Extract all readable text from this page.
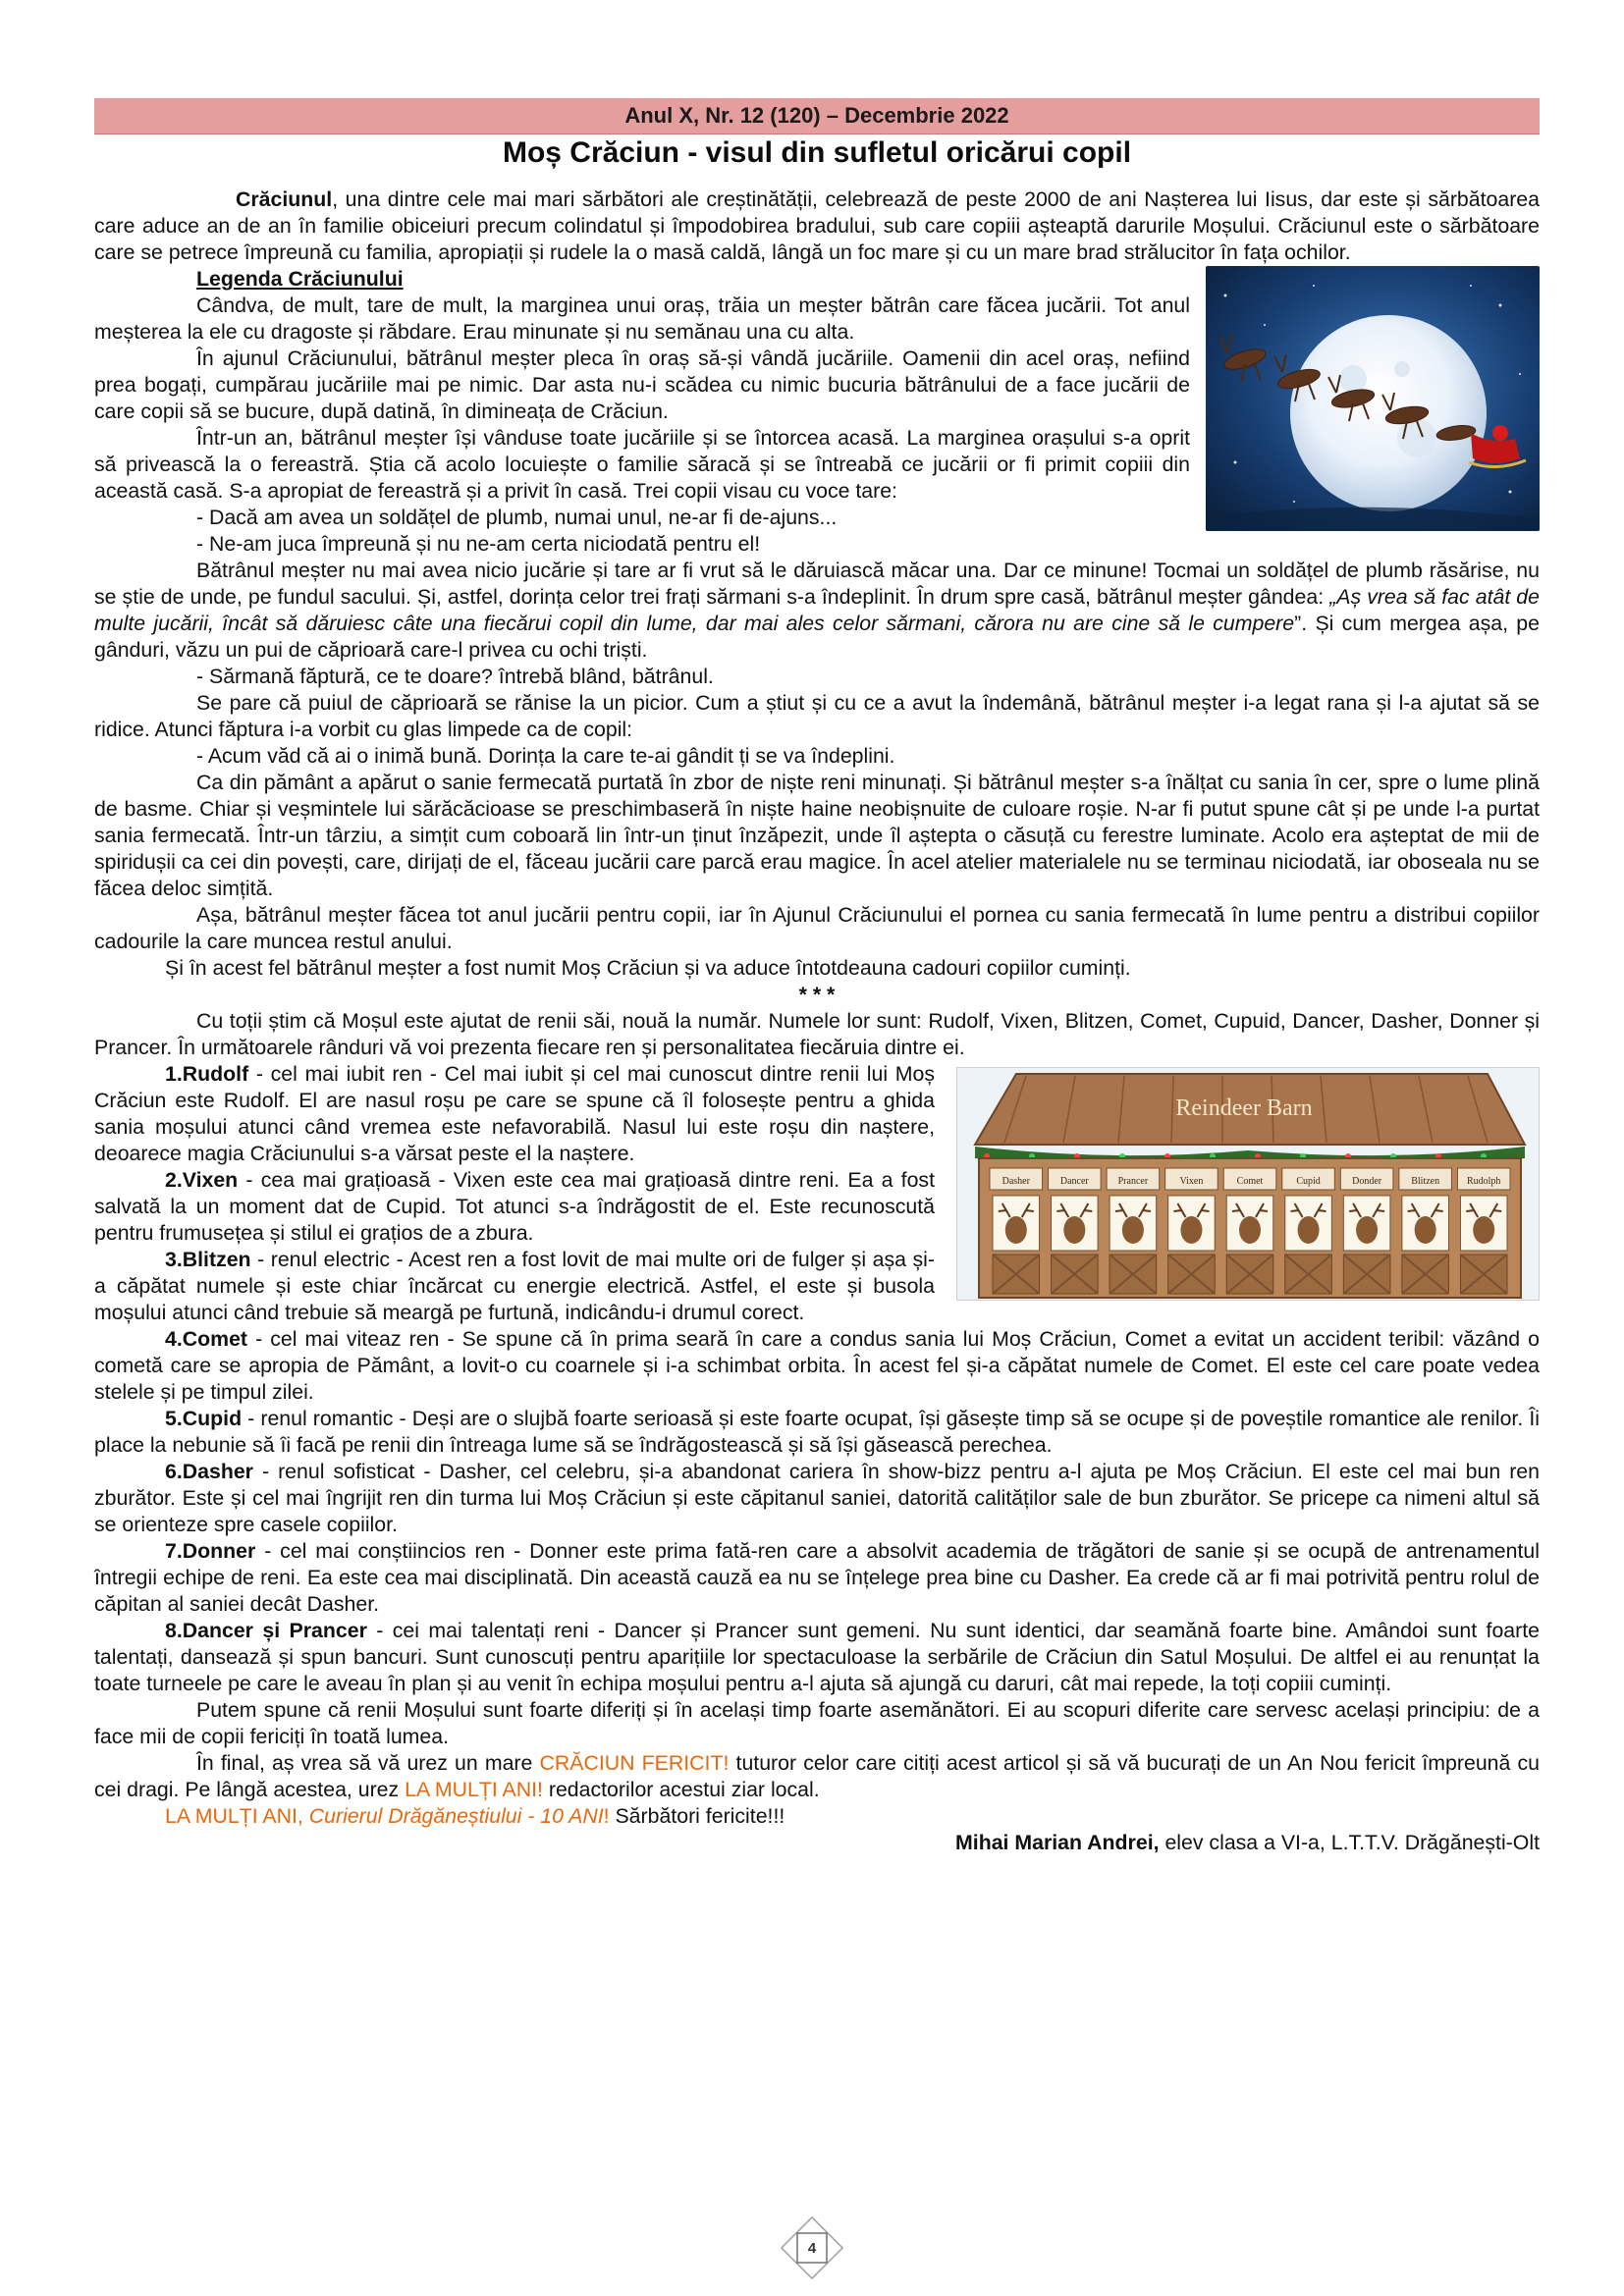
Anul X, Nr. 12 (120) – Decembrie 2022
Moș Crăciun - visul din sufletul oricărui copil

Crăciunul, una dintre cele mai mari sărbători ale creștinătății, celebrează de peste 2000 de ani Nașterea lui Iisus, dar este și sărbătoarea care aduce an de an în familie obiceiuri precum colindatul și împodobirea bradului, sub care copiii așteaptă darurile Moșului. Crăciunul este o sărbătoare care se petrece împreună cu familia, apropiații și rudele la o masă caldă, lângă un foc mare și cu un mare brad strălucitor în fața ochilor.

Legenda Crăciunului

Cândva, de mult, tare de mult, la marginea unui oraș, trăia un meșter bătrân care făcea jucării. Tot anul meșterea la ele cu dragoste și răbdare. Erau minunate și nu semănau una cu alta.

În ajunul Crăciunului, bătrânul meșter pleca în oraș să-și vândă jucăriile. Oamenii din acel oraș, nefiind prea bogați, cumpărau jucăriile mai pe nimic. Dar asta nu-i scădea cu nimic bucuria bătrânului de a face jucării de care copii să se bucure, după datină, în dimineața de Crăciun.

Într-un an, bătrânul meșter își vânduse toate jucăriile și se întorcea acasă. La marginea orașului s-a oprit să privească la o fereastră. Știa că acolo locuiește o familie săracă și se întreabă ce jucării or fi primit copiii din această casă. S-a apropiat de fereastră și a privit în casă. Trei copii visau cu voce tare:

- Dacă am avea un soldățel de plumb, numai unul, ne-ar fi de-ajuns...

- Ne-am juca împreună și nu ne-am certa niciodată pentru el!

Bătrânul meșter nu mai avea nicio jucărie și tare ar fi vrut să le dăruiască măcar una. Dar ce minune! Tocmai un soldățel de plumb răsărise, nu se știe de unde, pe fundul sacului. Și, astfel, dorința celor trei frați sărmani s-a îndeplinit. În drum spre casă, bătrânul meșter gândea: „Aș vrea să fac atât de multe jucării, încât să dăruiesc câte una fiecărui copil din lume, dar mai ales celor sărmani, cărora nu are cine să le cumpere”. Și cum mergea așa, pe gânduri, văzu un pui de căprioară care-l privea cu ochi triști.

- Sărmană făptură, ce te doare? întrebă blând, bătrânul.

Se pare că puiul de căprioară se rănise la un picior. Cum a știut și cu ce a avut la îndemână, bătrânul meșter i-a legat rana și l-a ajutat să se ridice. Atunci făptura i-a vorbit cu glas limpede ca de copil:

- Acum văd că ai o inimă bună. Dorința la care te-ai gândit ți se va îndeplini.

Ca din pământ a apărut o sanie fermecată purtată în zbor de niște reni minunați. Și bătrânul meșter s-a înălțat cu sania în cer, spre o lume plină de basme. Chiar și veșmintele lui sărăcăcioase se preschimbaseră în niște haine neobișnuite de culoare roșie. N-ar fi putut spune cât și pe unde l-a purtat sania fermecată. Într-un târziu, a simțit cum coboară lin într-un ținut înzăpezit, unde îl aștepta o căsuță cu ferestre luminate. Acolo era așteptat de mii de spiridușii ca cei din povești, care, dirijați de el, făceau jucării care parcă erau magice. În acel atelier materialele nu se terminau niciodată, iar oboseala nu se făcea deloc simțită.

Așa, bătrânul meșter făcea tot anul jucării pentru copii, iar în Ajunul Crăciunului el pornea cu sania fermecată în lume pentru a distribui copiilor cadourile la care muncea restul anului.

Și în acest fel bătrânul meșter a fost numit Moș Crăciun și va aduce întotdeauna cadouri copiilor cuminți.

* * *

Cu toții știm că Moșul este ajutat de renii săi, nouă la număr. Numele lor sunt: Rudolf, Vixen, Blitzen, Comet, Cupuid, Dancer, Dasher, Donner și Prancer. În următoarele rânduri vă voi prezenta fiecare ren și personalitatea fiecăruia dintre ei.

Reindeer Barn
Dasher	Dancer	Prancer	Vixen	Comet	Cupid	Donder	Blitzen	Rudolph

1.Rudolf - cel mai iubit ren - Cel mai iubit și cel mai cunoscut dintre renii lui Moș Crăciun este Rudolf. El are nasul roșu pe care se spune că îl folosește pentru a ghida sania moșului atunci când vremea este nefavorabilă. Nasul lui este roșu din naștere, deoarece magia Crăciunului s-a vărsat peste el la naștere.

2.Vixen - cea mai grațioasă - Vixen este cea mai grațioasă dintre reni. Ea a fost salvată la un moment dat de Cupid. Tot atunci s-a îndrăgostit de el. Este recunoscută pentru frumusețea și stilul ei grațios de a zbura.

3.Blitzen - renul electric - Acest ren a fost lovit de mai multe ori de fulger și așa și-a căpătat numele și este chiar încărcat cu energie electrică. Astfel, el este și busola moșului atunci când trebuie să meargă pe furtună, indicându-i drumul corect.

4.Comet - cel mai viteaz ren - Se spune că în prima seară în care a condus sania lui Moș Crăciun, Comet a evitat un accident teribil: văzând o cometă care se apropia de Pământ, a lovit-o cu coarnele și i-a schimbat orbita. În acest fel și-a căpătat numele de Comet. El este cel care poate vedea stelele și pe timpul zilei.

5.Cupid - renul romantic - Deși are o slujbă foarte serioasă și este foarte ocupat, își găsește timp să se ocupe și de poveștile romantice ale renilor. Îi place la nebunie să îi facă pe renii din întreaga lume să se îndrăgostească și să își găsească perechea.

6.Dasher - renul sofisticat - Dasher, cel celebru, și-a abandonat cariera în show-bizz pentru a-l ajuta pe Moș Crăciun. El este cel mai bun ren zburător. Este și cel mai îngrijit ren din turma lui Moș Crăciun și este căpitanul saniei, datorită calităților sale de bun zburător. Se pricepe ca nimeni altul să se orienteze spre casele copiilor.

7.Donner - cel mai conștiincios ren - Donner este prima fată-ren care a absolvit academia de trăgători de sanie și se ocupă de antrenamentul întregii echipe de reni. Ea este cea mai disciplinată. Din această cauză ea nu se înțelege prea bine cu Dasher. Ea crede că ar fi mai potrivită pentru rolul de căpitan al saniei decât Dasher.

8.Dancer și Prancer - cei mai talentați reni - Dancer și Prancer sunt gemeni. Nu sunt identici, dar seamănă foarte bine. Amândoi sunt foarte talentați, dansează și spun bancuri. Sunt cunoscuți pentru aparițiile lor spectaculoase la serbările de Crăciun din Satul Moșului. De altfel ei au renunțat la toate turneele pe care le aveau în plan și au venit în echipa moșului pentru a-l ajuta să ajungă cu daruri, cât mai repede, la toți copiii cuminți.

Putem spune că renii Moșului sunt foarte diferiți și în același timp foarte asemănători. Ei au scopuri diferite care servesc același principiu: de a face mii de copii fericiți în toată lumea.

În final, aș vrea să vă urez un mare CRĂCIUN FERICIT! tuturor celor care citiți acest articol și să vă bucurați de un An Nou fericit împreună cu cei dragi. Pe lângă acestea, urez LA MULȚI ANI! redactorilor acestui ziar local.

LA MULȚI ANI, Curierul Drăgăneștiului - 10 ANI! Sărbători fericite!!!

Mihai Marian Andrei, elev clasa a VI-a, L.T.T.V. Drăgănești-Olt

4
